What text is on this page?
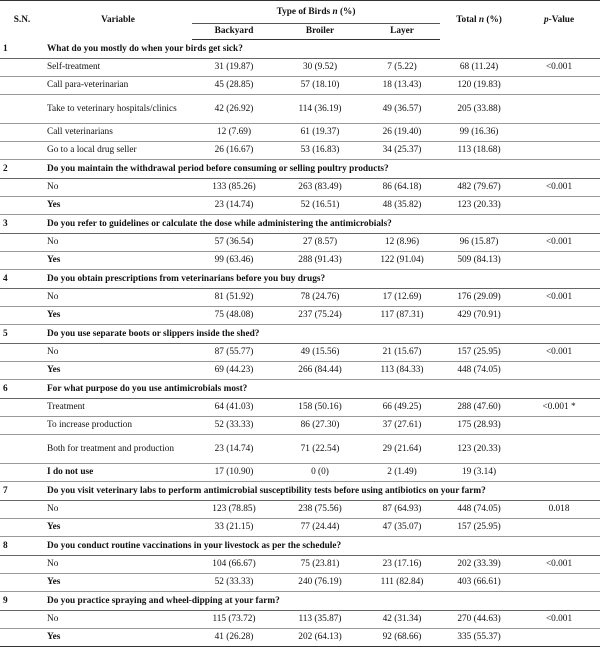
S.N.	Variable	Type of Birds n (%)			Total n (%)	p-Value
		Backyard	Broiler	Layer		
1	What do you mostly do when your birds get sick?					
	Self-treatment	31 (19.87)	30 (9.52)	7 (5.22)	68 (11.24)	<0.001
	Call para-veterinarian	45 (28.85)	57 (18.10)	18 (13.43)	120 (19.83)	
	Take to veterinary hospitals/clinics	42 (26.92)	114 (36.19)	49 (36.57)	205 (33.88)	
	Call veterinarians	12 (7.69)	61 (19.37)	26 (19.40)	99 (16.36)	
	Go to a local drug seller	26 (16.67)	53 (16.83)	34 (25.37)	113 (18.68)	
2	Do you maintain the withdrawal period before consuming or selling poultry products?					
	No	133 (85.26)	263 (83.49)	86 (64.18)	482 (79.67)	<0.001
	Yes	23 (14.74)	52 (16.51)	48 (35.82)	123 (20.33)	
3	Do you refer to guidelines or calculate the dose while administering the antimicrobials?					
	No	57 (36.54)	27 (8.57)	12 (8.96)	96 (15.87)	<0.001
	Yes	99 (63.46)	288 (91.43)	122 (91.04)	509 (84.13)	
4	Do you obtain prescriptions from veterinarians before you buy drugs?					
	No	81 (51.92)	78 (24.76)	17 (12.69)	176 (29.09)	<0.001
	Yes	75 (48.08)	237 (75.24)	117 (87.31)	429 (70.91)	
5	Do you use separate boots or slippers inside the shed?					
	No	87 (55.77)	49 (15.56)	21 (15.67)	157 (25.95)	<0.001
	Yes	69 (44.23)	266 (84.44)	113 (84.33)	448 (74.05)	
6	For what purpose do you use antimicrobials most?					
	Treatment	64 (41.03)	158 (50.16)	66 (49.25)	288 (47.60)	<0.001 *
	To increase production	52 (33.33)	86 (27.30)	37 (27.61)	175 (28.93)	
	Both for treatment and production	23 (14.74)	71 (22.54)	29 (21.64)	123 (20.33)	
	I do not use	17 (10.90)	0 (0)	2 (1.49)	19 (3.14)	
7	Do you visit veterinary labs to perform antimicrobial susceptibility tests before using antibiotics on your farm?					
	No	123 (78.85)	238 (75.56)	87 (64.93)	448 (74.05)	0.018
	Yes	33 (21.15)	77 (24.44)	47 (35.07)	157 (25.95)	
8	Do you conduct routine vaccinations in your livestock as per the schedule?					
	No	104 (66.67)	75 (23.81)	23 (17.16)	202 (33.39)	<0.001
	Yes	52 (33.33)	240 (76.19)	111 (82.84)	403 (66.61)	
9	Do you practice spraying and wheel-dipping at your farm?					
	No	115 (73.72)	113 (35.87)	42 (31.34)	270 (44.63)	<0.001
	Yes	41 (26.28)	202 (64.13)	92 (68.66)	335 (55.37)	
